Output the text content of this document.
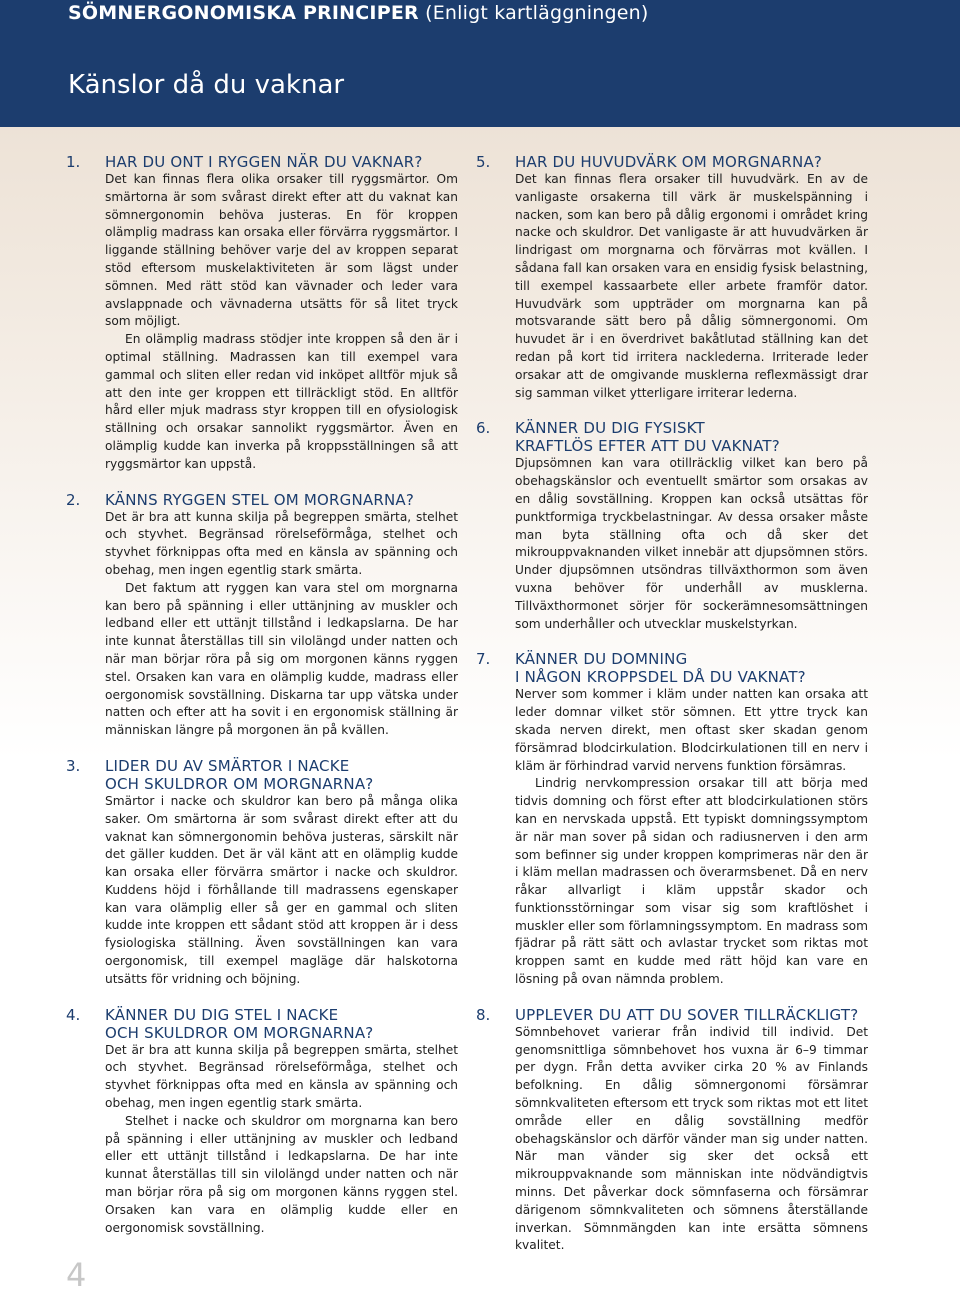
SÖMNERGONOMISKA PRINCIPER (Enligt kartläggningen)
Känslor då du vaknar
1. HAR DU ONT I RYGGEN NÄR DU VAKNAR?

Det kan finnas flera olika orsaker till ryggsmärtor. Om smärtorna är som svårast direkt efter att du vaknat kan sömnergonomin behöva justeras. En för kroppen olämplig madrass kan orsaka eller förvärra ryggsmärtor. I liggande ställning behöver varje del av kroppen separat stöd eftersom muskelaktiviteten är som lägst under sömnen. Med rätt stöd kan vävnader och leder vara avslappnade och vävnaderna utsätts för så litet tryck som möjligt.

En olämplig madrass stödjer inte kroppen så den är i optimal ställning. Madrassen kan till exempel vara gammal och sliten eller redan vid inköpet alltför mjuk så att den inte ger kroppen ett tillräckligt stöd. En alltför hård eller mjuk madrass styr kroppen till en ofysiologisk ställning och orsakar sannolikt ryggsmärtor. Även en olämplig kudde kan inverka på kroppsställningen så att ryggsmärtor kan uppstå.

2. KÄNNS RYGGEN STEL OM MORGNARNA?

Det är bra att kunna skilja på begreppen smärta, stelhet och styvhet. Begränsad rörelseförmåga, stelhet och styvhet förknippas ofta med en känsla av spänning och obehag, men ingen egentlig stark smärta.

Det faktum att ryggen kan vara stel om morgnarna kan bero på spänning i eller uttänjning av muskler och ledband eller ett uttänjt tillstånd i ledkapslarna. De har inte kunnat återställas till sin vilolängd under natten och när man börjar röra på sig om morgonen känns ryggen stel. Orsaken kan vara en olämplig kudde, madrass eller oergonomisk sovställning. Diskarna tar upp vätska under natten och efter att ha sovit i en ergonomisk ställning är människan längre på morgonen än på kvällen.

3. LIDER DU AV SMÄRTOR I NACKE
OCH SKULDROR OM MORGNARNA?

Smärtor i nacke och skuldror kan bero på många olika saker. Om smärtorna är som svårast direkt efter att du vaknat kan sömnergonomin behöva justeras, särskilt när det gäller kudden. Det är väl känt att en olämplig kudde kan orsaka eller förvärra smärtor i nacke och skuldror. Kuddens höjd i förhållande till madrassens egenskaper kan vara olämplig eller så ger en gammal och sliten kudde inte kroppen ett sådant stöd att kroppen är i dess fysiologiska ställning. Även sovställningen kan vara oergonomisk, till exempel magläge där halskotorna utsätts för vridning och böjning.

4. KÄNNER DU DIG STEL I NACKE
OCH SKULDROR OM MORGNARNA?

Det är bra att kunna skilja på begreppen smärta, stelhet och styvhet. Begränsad rörelseförmåga, stelhet och styvhet förknippas ofta med en känsla av spänning och obehag, men ingen egentlig stark smärta.

Stelhet i nacke och skuldror om morgnarna kan bero på spänning i eller uttänjning av muskler och ledband eller ett uttänjt tillstånd i ledkapslarna. De har inte kunnat återställas till sin vilolängd under natten och när man börjar röra på sig om morgonen känns ryggen stel. Orsaken kan vara en olämplig kudde eller en oergonomisk sovställning.

5. HAR DU HUVUDVÄRK OM MORGNARNA?

Det kan finnas flera orsaker till huvudvärk. En av de vanligaste orsakerna till värk är muskelspänning i nacken, som kan bero på dålig ergonomi i området kring nacke och skuldror. Det vanligaste är att huvudvärken är lindrigast om morgnarna och förvärras mot kvällen. I sådana fall kan orsaken vara en ensidig fysisk belastning, till exempel kassaarbete eller arbete framför dator. Huvudvärk som uppträder om morgnarna kan på motsvarande sätt bero på dålig sömnergonomi. Om huvudet är i en överdrivet bakåtlutad ställning kan det redan på kort tid irritera nacklederna. Irriterade leder orsakar att de omgivande musklerna reflexmässigt drar sig samman vilket ytterligare irriterar lederna.

6. KÄNNER DU DIG FYSISKT
KRAFTLÖS EFTER ATT DU VAKNAT?

Djupsömnen kan vara otillräcklig vilket kan bero på obehagskänslor och eventuellt smärtor som orsakas av en dålig sovställning. Kroppen kan också utsättas för punktformiga tryckbelastningar. Av dessa orsaker måste man byta ställning ofta och då sker det mikrouppvaknanden vilket innebär att djupsömnen störs. Under djupsömnen utsöndras tillväxthormon som även vuxna behöver för underhåll av musklerna. Tillväxthormonet sörjer för sockerämnesomsättningen som underhåller och utvecklar muskelstyrkan.

7. KÄNNER DU DOMNING
I NÅGON KROPPSDEL DÅ DU VAKNAT?

Nerver som kommer i kläm under natten kan orsaka att leder domnar vilket stör sömnen. Ett yttre tryck kan skada nerven direkt, men oftast sker skadan genom försämrad blodcirkulation. Blodcirkulationen till en nerv i kläm är förhindrad varvid nervens funktion försämras.

Lindrig nervkompression orsakar till att börja med tidvis domning och först efter att blodcirkulationen störs kan en nervskada uppstå. Ett typiskt domningssymptom är när man sover på sidan och radiusnerven i den arm som befinner sig under kroppen komprimeras när den är i kläm mellan madrassen och överarmsbenet. Då en nerv råkar allvarligt i kläm uppstår skador och funktionsstörningar som visar sig som kraftlöshet i muskler eller som förlamningssymptom. En madrass som fjädrar på rätt sätt och avlastar trycket som riktas mot kroppen samt en kudde med rätt höjd kan vare en lösning på ovan nämnda problem.

8. UPPLEVER DU ATT DU SOVER TILLRÄCKLIGT?

Sömnbehovet varierar från individ till individ. Det genomsnittliga sömnbehovet hos vuxna är 6–9 timmar per dygn. Från detta avviker cirka 20 % av Finlands befolkning. En dålig sömnergonomi försämrar sömnkvaliteten eftersom ett tryck som riktas mot ett litet område eller en dålig sovställning medför obehagskänslor och därför vänder man sig under natten. När man vänder sig sker det också ett mikrouppvaknande som människan inte nödvändigtvis minns. Det påverkar dock sömnfaserna och försämrar därigenom sömnkvaliteten och sömnens återställande inverkan. Sömnmängden kan inte ersätta sömnens kvalitet.

4
